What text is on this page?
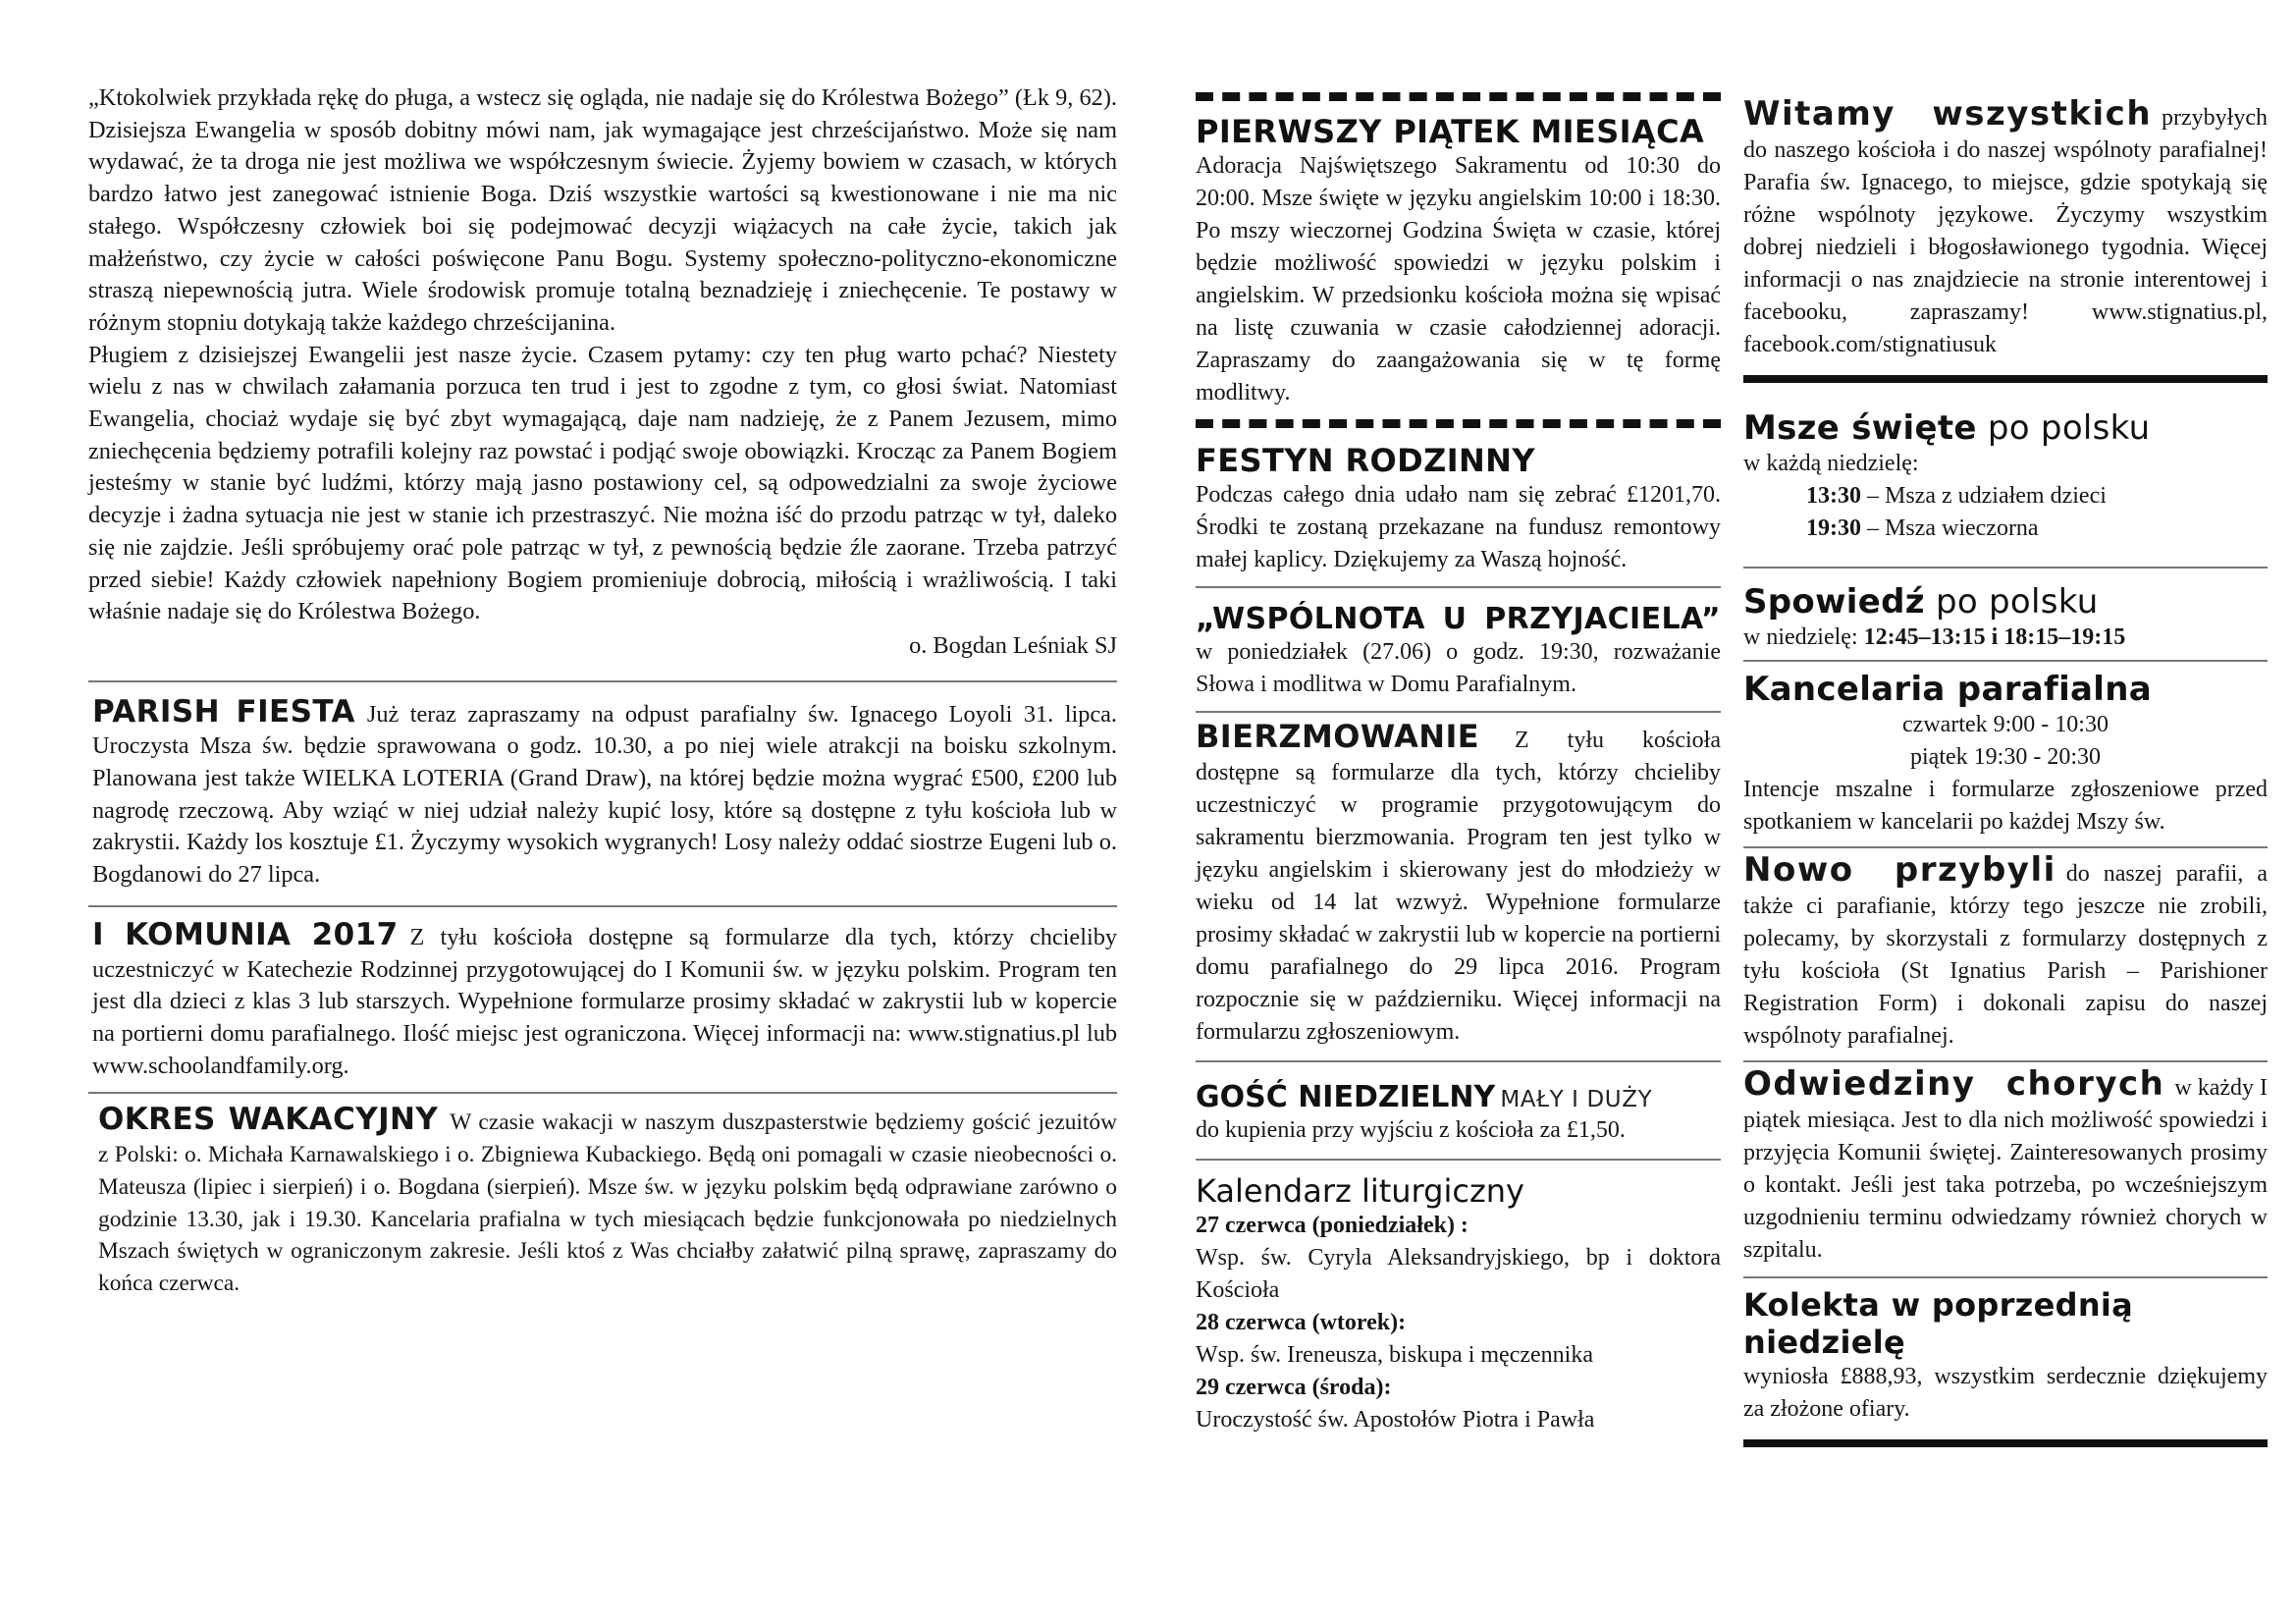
„Ktokolwiek przykłada rękę do pługa, a wstecz się ogląda, nie nadaje się do Królestwa Bożego” (Łk 9, 62). Dzisiejsza Ewangelia w sposób dobitny mówi nam, jak wymagające jest chrześcijaństwo. Może się nam wydawać, że ta droga nie jest możliwa we współczesnym świecie. Żyjemy bowiem w czasach, w których bardzo łatwo jest zanegować istnienie Boga. Dziś wszystkie wartości są kwestionowane i nie ma nic stałego. Współczesny człowiek boi się podejmować decyzji wiążacych na całe życie, takich jak małżeństwo, czy życie w całości poświęcone Panu Bogu. Systemy społeczno-polityczno-ekonomiczne straszą niepewnością jutra. Wiele środowisk promuje totalną beznadzieję i zniechęcenie. Te postawy w różnym stopniu dotykają także każdego chrześcijanina.

Pługiem z dzisiejszej Ewangelii jest nasze życie. Czasem pytamy: czy ten pług warto pchać? Niestety wielu z nas w chwilach załamania porzuca ten trud i jest to zgodne z tym, co głosi świat. Natomiast Ewangelia, chociaż wydaje się być zbyt wymagającą, daje nam nadzieję, że z Panem Jezusem, mimo zniechęcenia będziemy potrafili kolejny raz powstać i podjąć swoje obowiązki. Krocząc za Panem Bogiem jesteśmy w stanie być ludźmi, którzy mają jasno postawiony cel, są odpowedzialni za swoje życiowe decyzje i żadna sytuacja nie jest w stanie ich przestraszyć. Nie można iść do przodu patrząc w tył, daleko się nie zajdzie. Jeśli spróbujemy orać pole patrząc w tył, z pewnością będzie źle zaorane. Trzeba patrzyć przed siebie! Każdy człowiek napełniony Bogiem promieniuje dobrocią, miłością i wrażliwością. I taki właśnie nadaje się do Królestwa Bożego.

o. Bogdan Leśniak SJ

PARISH FIESTA Już teraz zapraszamy na odpust parafialny św. Ignacego Loyoli 31. lipca. Uroczysta Msza św. będzie sprawowana o godz. 10.30, a po niej wiele atrakcji na boisku szkolnym. Planowana jest także WIELKA LOTERIA (Grand Draw), na której będzie można wygrać £500, £200 lub nagrodę rzeczową. Aby wziąć w niej udział należy kupić losy, które są dostępne z tyłu kościoła lub w zakrystii. Każdy los kosztuje £1. Życzymy wysokich wygranych! Losy należy oddać siostrze Eugeni lub o. Bogdanowi do 27 lipca.

I KOMUNIA 2017 Z tyłu kościoła dostępne są formularze dla tych, którzy chcieliby uczestniczyć w Katechezie Rodzinnej przygotowującej do I Komunii św. w języku polskim. Program ten jest dla dzieci z klas 3 lub starszych. Wypełnione formularze prosimy składać w zakrystii lub w kopercie na portierni domu parafialnego. Ilość miejsc jest ograniczona. Więcej informacji na: www.stignatius.pl lub www.schoolandfamily.org.

OKRES WAKACYJNY W czasie wakacji w naszym duszpasterstwie będziemy gościć jezuitów z Polski: o. Michała Karnawalskiego i o. Zbigniewa Kubackiego. Będą oni pomagali w czasie nieobecności o. Mateusza (lipiec i sierpień) i o. Bogdana (sierpień). Msze św. w języku polskim będą odprawiane zarówno o godzinie 13.30, jak i 19.30. Kancelaria prafialna w tych miesiącach będzie funkcjonowała po niedzielnych Mszach świętych w ograniczonym zakresie. Jeśli ktoś z Was chciałby załatwić pilną sprawę, zapraszamy do końca czerwca.

PIERWSZY PIĄTEK MIESIĄCA

Adoracja Najświętszego Sakramentu od 10:30 do 20:00. Msze święte w języku angielskim 10:00 i 18:30. Po mszy wieczornej Godzina Święta w czasie, której będzie możliwość spowiedzi w języku polskim i angielskim. W przedsionku kościoła można się wpisać na listę czuwania w czasie całodziennej adoracji. Zapraszamy do zaangażowania się w tę formę modlitwy.

FESTYN RODZINNY

Podczas całego dnia udało nam się zebrać £1201,70. Środki te zostaną przekazane na fundusz remontowy małej kaplicy. Dziękujemy za Waszą hojność.

„WSPÓLNOTA U PRZYJACIELA”

w poniedziałek (27.06) o godz. 19:30, rozważanie Słowa i modlitwa w Domu Parafialnym.

BIERZMOWANIE Z tyłu kościoła dostępne są formularze dla tych, którzy chcieliby uczestniczyć w programie przygotowującym do sakramentu bierzmowania. Program ten jest tylko w języku angielskim i skierowany jest do młodzieży w wieku od 14 lat wzwyż. Wypełnione formularze prosimy składać w zakrystii lub w kopercie na portierni domu parafialnego do 29 lipca 2016. Program rozpocznie się w październiku. Więcej informacji na formularzu zgłoszeniowym.

GOŚĆ NIEDZIELNY MAŁY I DUŻY

do kupienia przy wyjściu z kościoła za £1,50.

Kalendarz liturgiczny
27 czerwca (poniedziałek) :
Wsp. św. Cyryla Aleksandryjskiego, bp i doktora Kościoła
28 czerwca (wtorek):
Wsp. św. Ireneusza, biskupa i męczennika
29 czerwca (środa):
Uroczystość św. Apostołów Piotra i Pawła

Witamy wszystkich przybyłych do naszego kościoła i do naszej wspólnoty parafialnej! Parafia św. Ignacego, to miejsce, gdzie spotykają się różne wspólnoty językowe. Życzymy wszystkim dobrej niedzieli i błogosławionego tygodnia. Więcej informacji o nas znajdziecie na stronie interentowej i facebooku, zapraszamy! www.stignatius.pl, facebook.com/stignatiusuk

Msze święte po polsku
w każdą niedzielę:
13:30 – Msza z udziałem dzieci
19:30 – Msza wieczorna
Spowiedź po polsku
w niedzielę: 12:45–13:15 i 18:15–19:15
Kancelaria parafialna
czwartek 9:00 - 10:30
piątek 19:30 - 20:30

Intencje mszalne i formularze zgłoszeniowe przed spotkaniem w kancelarii po każdej Mszy św.

Nowo przybyli do naszej parafii, a także ci parafianie, którzy tego jeszcze nie zrobili, polecamy, by skorzystali z formularzy dostępnych z tyłu kościoła (St Ignatius Parish – Parishioner Registration Form) i dokonali zapisu do naszej wspólnoty parafialnej.

Odwiedziny chorych w każdy I piątek miesiąca. Jest to dla nich możliwość spowiedzi i przyjęcia Komunii świętej. Zainteresowanych prosimy o kontakt. Jeśli jest taka potrzeba, po wcześniejszym uzgodnieniu terminu odwiedzamy również chorych w szpitalu.

Kolekta w poprzednią niedzielę

wyniosła £888,93, wszystkim serdecznie dziękujemy za złożone ofiary.
